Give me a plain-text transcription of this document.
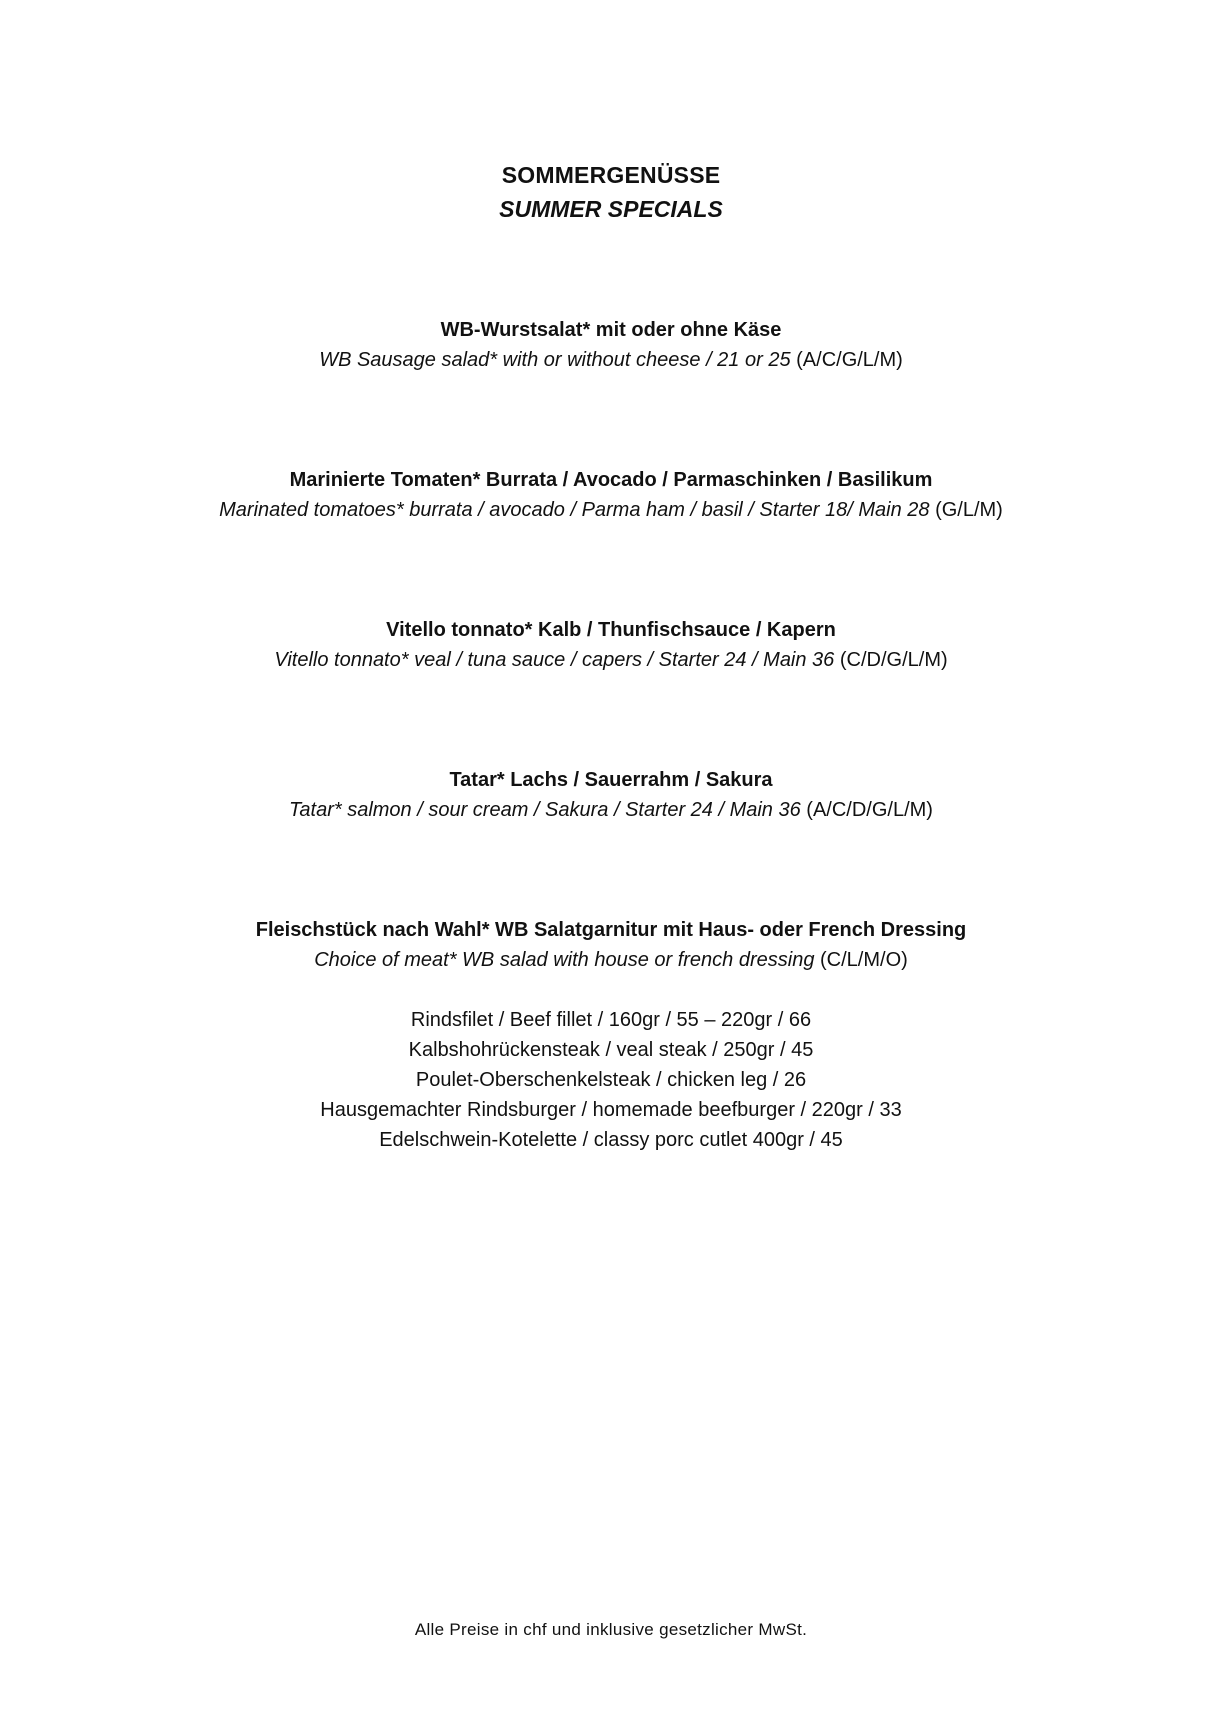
SOMMERGENÜSSE
SUMMER SPECIALS
WB-Wurstsalat* mit oder ohne Käse
WB Sausage salad* with or without cheese / 21 or 25 (A/C/G/L/M)
Marinierte Tomaten* Burrata / Avocado / Parmaschinken / Basilikum
Marinated tomatoes* burrata / avocado / Parma ham / basil / Starter 18/ Main 28 (G/L/M)
Vitello tonnato* Kalb / Thunfischsauce / Kapern
Vitello tonnato* veal / tuna sauce / capers / Starter 24 / Main 36 (C/D/G/L/M)
Tatar* Lachs / Sauerrahm / Sakura
Tatar* salmon / sour cream / Sakura / Starter 24 / Main 36 (A/C/D/G/L/M)
Fleischstück nach Wahl* WB Salatgarnitur mit Haus- oder French Dressing
Choice of meat* WB salad with house or french dressing (C/L/M/O)
Rindsfilet / Beef fillet / 160gr / 55 – 220gr / 66
Kalbshohrückensteak / veal steak / 250gr / 45
Poulet-Oberschenkelsteak / chicken leg / 26
Hausgemachter Rindsburger / homemade beefburger / 220gr / 33
Edelschwein-Kotelette / classy porc cutlet 400gr / 45
Alle Preise in chf und inklusive gesetzlicher MwSt.
